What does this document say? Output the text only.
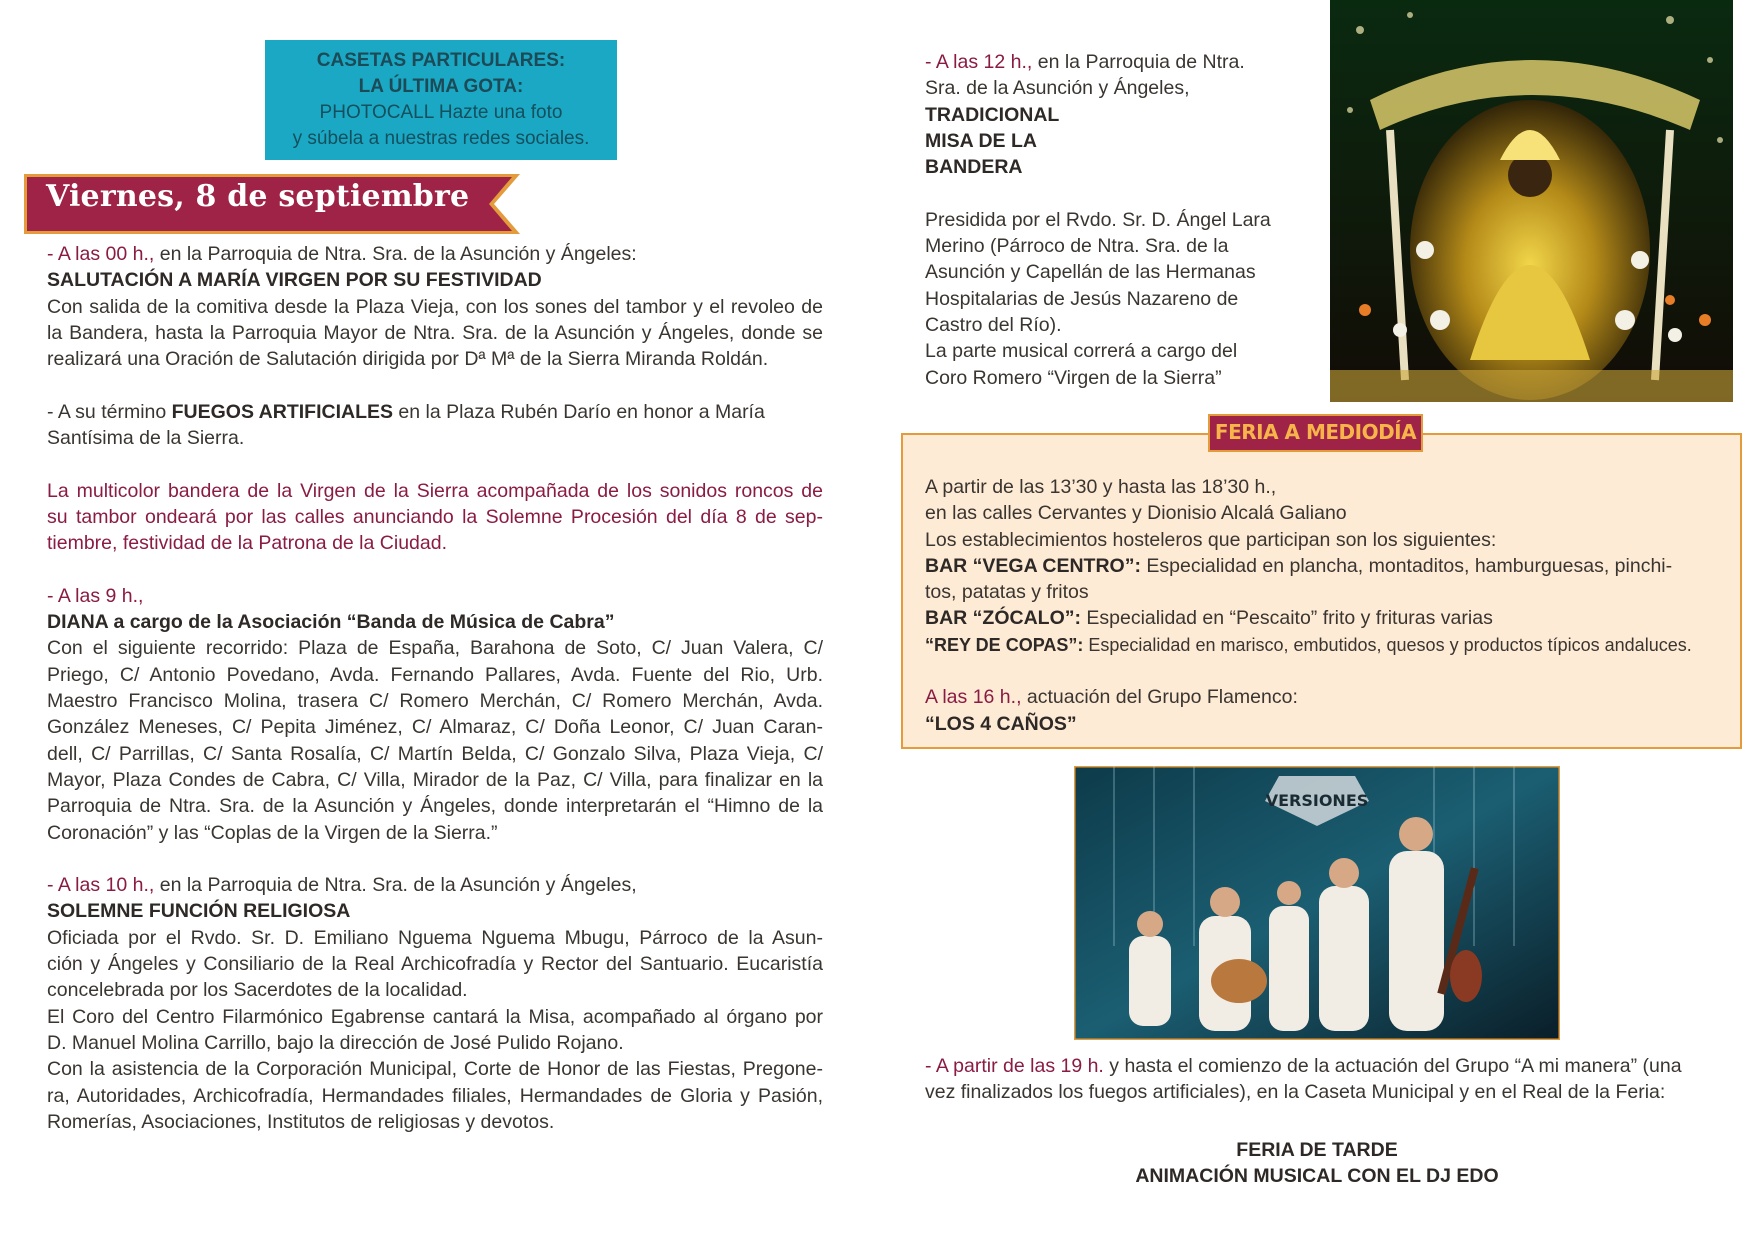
CASETAS PARTICULARES:
LA ÚLTIMA GOTA:
PHOTOCALL Hazte una foto
y súbela a nuestras redes sociales.
Viernes, 8 de septiembre

- A las 00 h., en la Parroquia de Ntra. Sra. de la Asunción y Ángeles:
SALUTACIÓN A MARÍA VIRGEN POR SU FESTIVIDAD
Con salida de la comitiva desde la Plaza Vieja, con los sones del tambor y el revoleo de
la Bandera, hasta la Parroquia Mayor de Ntra. Sra. de la Asunción y Ángeles, donde se
realizará una Oración de Salutación dirigida por Dª Mª de la Sierra Miranda Roldán.

- A su término FUEGOS ARTIFICIALES en la Plaza Rubén Darío en honor a María
Santísima de la Sierra.

La multicolor bandera de la Virgen de la Sierra acompañada de los sonidos roncos de
su tambor ondeará por las calles anunciando la Solemne Procesión del día 8 de sep-
tiembre, festividad de la Patrona de la Ciudad.

- A las 9 h.,
DIANA a cargo de la Asociación “Banda de Música de Cabra”
Con el siguiente recorrido: Plaza de España, Barahona de Soto, C/ Juan Valera, C/
Priego, C/ Antonio Povedano, Avda. Fernando Pallares, Avda. Fuente del Rio, Urb.
Maestro Francisco Molina, trasera C/ Romero Merchán, C/ Romero Merchán, Avda.
González Meneses, C/ Pepita Jiménez, C/ Almaraz, C/ Doña Leonor, C/ Juan Caran-
dell, C/ Parrillas, C/ Santa Rosalía, C/ Martín Belda, C/ Gonzalo Silva, Plaza Vieja, C/
Mayor, Plaza Condes de Cabra, C/ Villa, Mirador de la Paz, C/ Villa, para finalizar en la
Parroquia de Ntra. Sra. de la Asunción y Ángeles, donde interpretarán el “Himno de la
Coronación” y las “Coplas de la Virgen de la Sierra.”

- A las 10 h., en la Parroquia de Ntra. Sra. de la Asunción y Ángeles,
SOLEMNE FUNCIÓN RELIGIOSA
Oficiada por el Rvdo. Sr. D. Emiliano Nguema Nguema Mbugu, Párroco de la Asun-
ción y Ángeles y Consiliario de la Real Archicofradía y Rector del Santuario. Eucaristía
concelebrada por los Sacerdotes de la localidad.
El Coro del Centro Filarmónico Egabrense cantará la Misa, acompañado al órgano por
D. Manuel Molina Carrillo, bajo la dirección de José Pulido Rojano.
Con la asistencia de la Corporación Municipal, Corte de Honor de las Fiestas, Pregone-
ra, Autoridades, Archicofradía, Hermandades filiales, Hermandades de Gloria y Pasión,
Romerías, Asociaciones, Institutos de religiosas y devotos.

- A las 12 h., en la Parroquia de Ntra.
Sra. de la Asunción y Ángeles,
TRADICIONAL
MISA DE LA
BANDERA

Presidida por el Rvdo. Sr. D. Ángel Lara
Merino (Párroco de Ntra. Sra. de la
Asunción y Capellán de las Hermanas
Hospitalarias de Jesús Nazareno de
Castro del Río).
La parte musical correrá a cargo del
Coro Romero “Virgen de la Sierra”

FERIA A MEDIODÍA

A partir de las 13’30 y hasta las 18’30 h.,
en las calles Cervantes y Dionisio Alcalá Galiano
Los establecimientos hosteleros que participan son los siguientes:
BAR “VEGA CENTRO”: Especialidad en plancha, montaditos, hamburguesas, pinchi-
tos, patatas y fritos
BAR “ZÓCALO”: Especialidad en “Pescaito” frito y frituras varias
“REY DE COPAS”: Especialidad en marisco, embutidos, quesos y productos típicos andaluces.

A las 16 h., actuación del Grupo Flamenco:
“LOS 4 CAÑOS”

VERSIONES

- A partir de las 19 h. y hasta el comienzo de la actuación del Grupo “A mi manera” (una
vez finalizados los fuegos artificiales), en la Caseta Municipal y en el Real de la Feria:

FERIA DE TARDE
ANIMACIÓN MUSICAL CON EL DJ EDO
